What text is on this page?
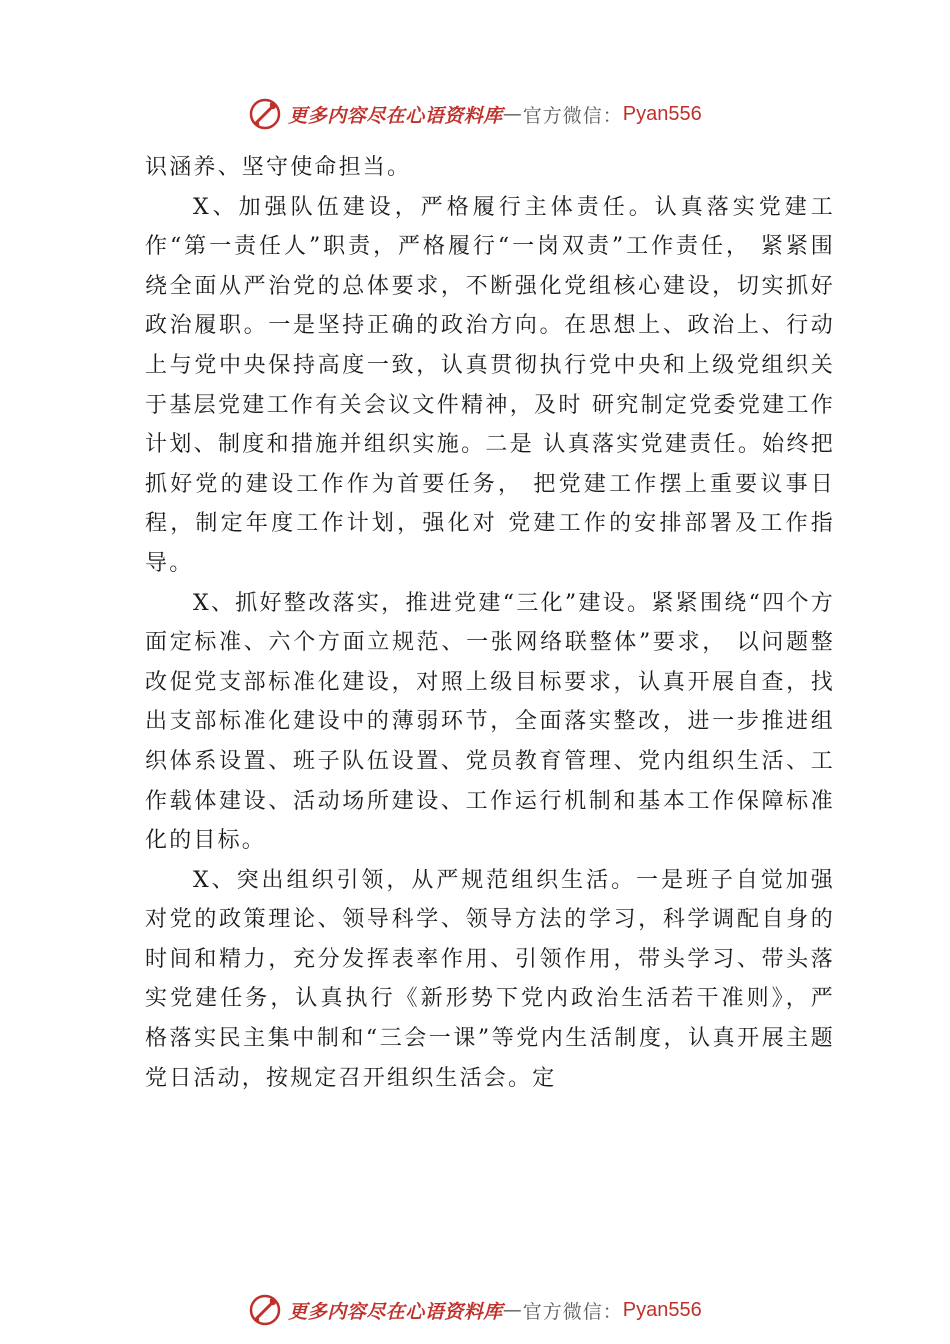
更多内容尽在心语资料库 — 官方微信： Pyan556

识涵养、坚守使命担当。

X、加强队伍建设，严格履行主体责任。认真落实党建工作“第一责任人”职责，严格履行“一岗双责”工作责任， 紧紧围绕全面从严治党的总体要求，不断强化党组核心建设，切实抓好政治履职。一是坚持正确的政治方向。在思想上、政治上、行动上与党中央保持高度一致，认真贯彻执行党中央和上级党组织关于基层党建工作有关会议文件精神，及时 研究制定党委党建工作计划、制度和措施并组织实施。二是 认真落实党建责任。始终把抓好党的建设工作作为首要任务， 把党建工作摆上重要议事日程，制定年度工作计划，强化对 党建工作的安排部署及工作指导。

X、抓好整改落实，推进党建“三化”建设。紧紧围绕“四个方面定标准、六个方面立规范、一张网络联整体”要求， 以问题整改促党支部标准化建设，对照上级目标要求，认真开展自查，找出支部标准化建设中的薄弱环节，全面落实整改，进一步推进组织体系设置、班子队伍设置、党员教育管理、党内组织生活、工作载体建设、活动场所建设、工作运行机制和基本工作保障标准化的目标。

X、突出组织引领，从严规范组织生活。一是班子自觉加强对党的政策理论、领导科学、领导方法的学习，科学调配自身的时间和精力，充分发挥表率作用、引领作用，带头学习、带头落实党建任务，认真执行《新形势下党内政治生活若干准则》，严格落实民主集中制和“三会一课”等党内生活制度，认真开展主题党日活动，按规定召开组织生活会。定

更多内容尽在心语资料库 — 官方微信： Pyan556
